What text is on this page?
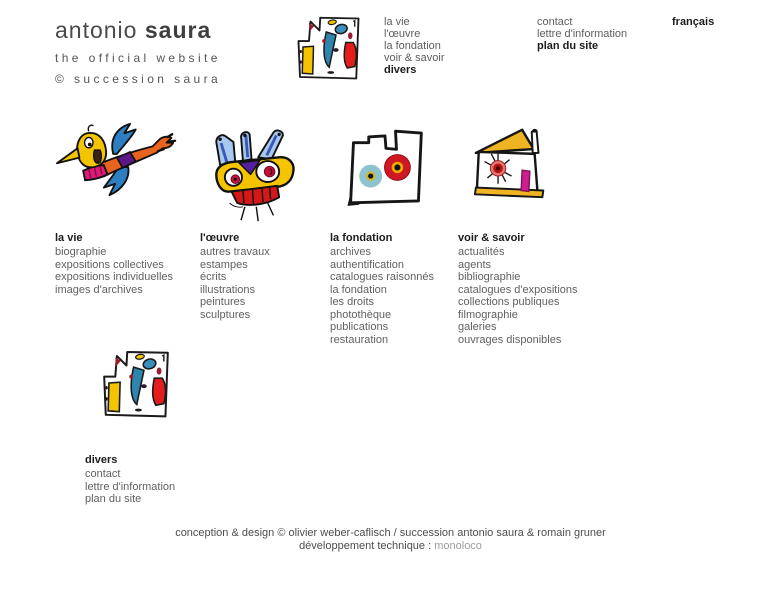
antonio saura
the official website
© succession saura
la vie
l'œuvre
la fondation
voir & savoir
divers
contact
lettre d'information
plan du site
français
la vie
biographie
expositions collectives
expositions individuelles
images d'archives
l'œuvre
autres travaux
estampes
écrits
illustrations
peintures
sculptures
la fondation
archives
authentification
catalogues raisonnés
la fondation
les droits
photothèque
publications
restauration
voir & savoir
actualités
agents
bibliographie
catalogues d'expositions
collections publiques
filmographie
galeries
ouvrages disponibles
divers
contact
lettre d'information
plan du site
conception & design © olivier weber-caflisch / succession antonio saura & romain gruner
développement technique : monoloco
